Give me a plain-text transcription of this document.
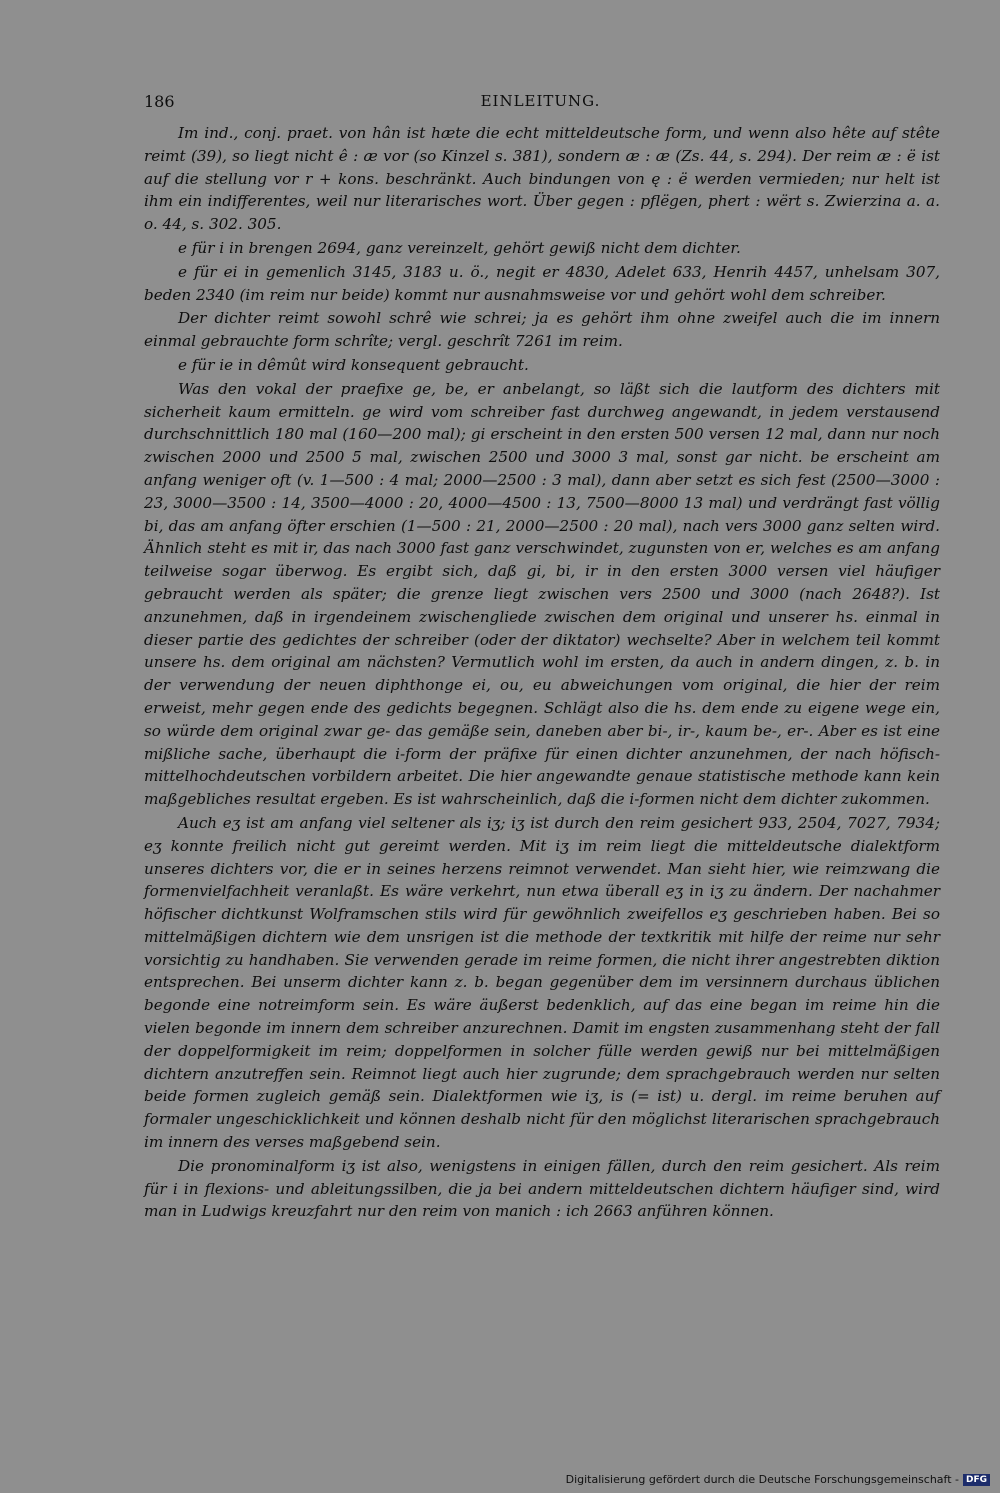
186	EINLEITUNG.

Im ind., conj. praet. von hân ist hæte die echt mitteldeutsche form, und wenn also hête auf stête reimt (39), so liegt nicht ê : æ vor (so Kinzel s. 381), sondern æ : æ (Zs. 44, s. 294). Der reim æ : ë ist auf die stellung vor r + kons. beschränkt. Auch bindungen von ę : ë werden vermieden; nur helt ist ihm ein indifferentes, weil nur literarisches wort. Über gegen : pflëgen, phert : wërt s. Zwierzina a. a. o. 44, s. 302. 305.

e für i in brengen 2694, ganz vereinzelt, gehört gewiß nicht dem dichter.

e für ei in gemenlich 3145, 3183 u. ö., negit er 4830, Adelet 633, Henrih 4457, unhelsam 307, beden 2340 (im reim nur beide) kommt nur ausnahmsweise vor und gehört wohl dem schreiber.

Der dichter reimt sowohl schrê wie schrei; ja es gehört ihm ohne zweifel auch die im innern einmal gebrauchte form schrîte; vergl. geschrît 7261 im reim.

e für ie in dêmût wird konsequent gebraucht.

Was den vokal der praefixe ge, be, er anbelangt, so läßt sich die lautform des dichters mit sicherheit kaum ermitteln. ge wird vom schreiber fast durchweg angewandt, in jedem verstausend durchschnittlich 180 mal (160—200 mal); gi erscheint in den ersten 500 versen 12 mal, dann nur noch zwischen 2000 und 2500 5 mal, zwischen 2500 und 3000 3 mal, sonst gar nicht. be erscheint am anfang weniger oft (v. 1—500 : 4 mal; 2000—2500 : 3 mal), dann aber setzt es sich fest (2500—3000 : 23, 3000—3500 : 14, 3500—4000 : 20, 4000—4500 : 13, 7500—8000 13 mal) und verdrängt fast völlig bi, das am anfang öfter erschien (1—500 : 21, 2000—2500 : 20 mal), nach vers 3000 ganz selten wird. Ähnlich steht es mit ir, das nach 3000 fast ganz verschwindet, zugunsten von er, welches es am anfang teilweise sogar überwog. Es ergibt sich, daß gi, bi, ir in den ersten 3000 versen viel häufiger gebraucht werden als später; die grenze liegt zwischen vers 2500 und 3000 (nach 2648?). Ist anzunehmen, daß in irgendeinem zwischengliede zwischen dem original und unserer hs. einmal in dieser partie des gedichtes der schreiber (oder der diktator) wechselte? Aber in welchem teil kommt unsere hs. dem original am nächsten? Vermutlich wohl im ersten, da auch in andern dingen, z. b. in der verwendung der neuen diphthonge ei, ou, eu abweichungen vom original, die hier der reim erweist, mehr gegen ende des gedichts begegnen. Schlägt also die hs. dem ende zu eigene wege ein, so würde dem original zwar ge- das gemäße sein, daneben aber bi-, ir-, kaum be-, er-. Aber es ist eine mißliche sache, überhaupt die i-form der präfixe für einen dichter anzunehmen, der nach höfisch-mittelhochdeutschen vorbildern arbeitet. Die hier angewandte genaue statistische methode kann kein maßgebliches resultat ergeben. Es ist wahrscheinlich, daß die i-formen nicht dem dichter zukommen.

Auch eʒ ist am anfang viel seltener als iʒ; iʒ ist durch den reim gesichert 933, 2504, 7027, 7934; eʒ konnte freilich nicht gut gereimt werden. Mit iʒ im reim liegt die mitteldeutsche dialektform unseres dichters vor, die er in seines herzens reimnot verwendet. Man sieht hier, wie reimzwang die formenvielfachheit veranlaßt. Es wäre verkehrt, nun etwa überall eʒ in iʒ zu ändern. Der nachahmer höfischer dichtkunst Wolframschen stils wird für gewöhnlich zweifellos eʒ geschrieben haben. Bei so mittelmäßigen dichtern wie dem unsrigen ist die methode der textkritik mit hilfe der reime nur sehr vorsichtig zu handhaben. Sie verwenden gerade im reime formen, die nicht ihrer angestrebten diktion entsprechen. Bei unserm dichter kann z. b. began gegenüber dem im versinnern durchaus üblichen begonde eine notreimform sein. Es wäre äußerst bedenklich, auf das eine began im reime hin die vielen begonde im innern dem schreiber anzurechnen. Damit im engsten zusammenhang steht der fall der doppelformigkeit im reim; doppelformen in solcher fülle werden gewiß nur bei mittelmäßigen dichtern anzutreffen sein. Reimnot liegt auch hier zugrunde; dem sprachgebrauch werden nur selten beide formen zugleich gemäß sein. Dialektformen wie iʒ, is (= ist) u. dergl. im reime beruhen auf formaler ungeschicklichkeit und können deshalb nicht für den möglichst literarischen sprachgebrauch im innern des verses maßgebend sein.

Die pronominalform iʒ ist also, wenigstens in einigen fällen, durch den reim gesichert. Als reim für i in flexions- und ableitungssilben, die ja bei andern mitteldeutschen dichtern häufiger sind, wird man in Ludwigs kreuzfahrt nur den reim von manich : ich 2663 anführen können.

Digitalisierung gefördert durch die Deutsche Forschungsgemeinschaft - DFG
